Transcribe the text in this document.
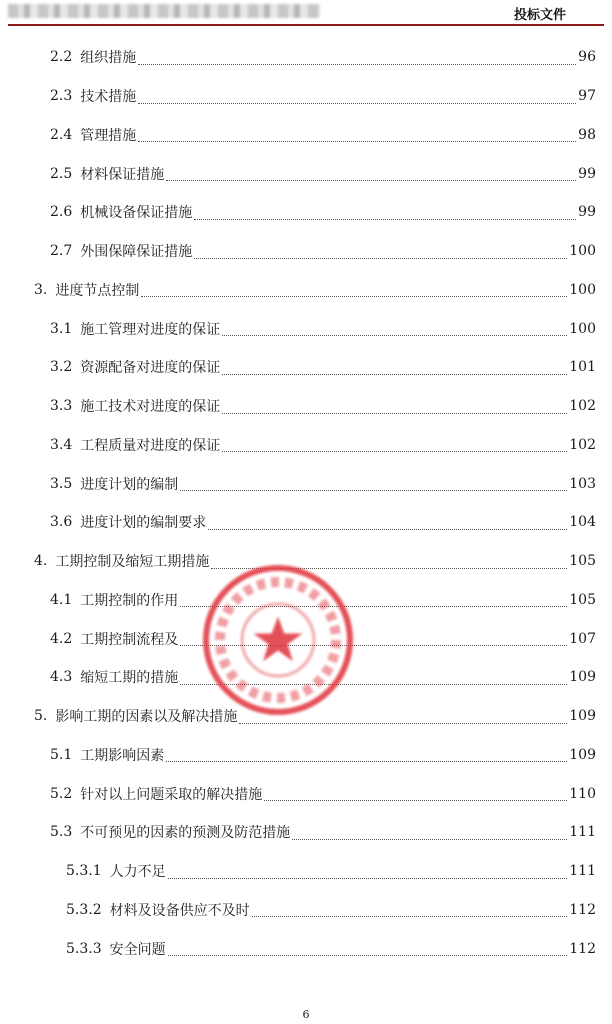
投标文件
2.2 组织措施	96
2.3 技术措施	97
2.4 管理措施	98
2.5 材料保证措施	99
2.6 机械设备保证措施	99
2.7 外围保障保证措施	100
3. 进度节点控制	100
3.1 施工管理对进度的保证	100
3.2 资源配备对进度的保证	101
3.3 施工技术对进度的保证	102
3.4 工程质量对进度的保证	102
3.5 进度计划的编制	103
3.6 进度计划的编制要求	104
4. 工期控制及缩短工期措施	105
4.1 工期控制的作用	105
4.2 工期控制流程及	107
4.3 缩短工期的措施	109
5. 影响工期的因素以及解决措施	109
5.1 工期影响因素	109
5.2 针对以上问题采取的解决措施	110
5.3 不可预见的因素的预测及防范措施	111
5.3.1 人力不足	111
5.3.2 材料及设备供应不及时	112
5.3.3 安全问题	112
6
